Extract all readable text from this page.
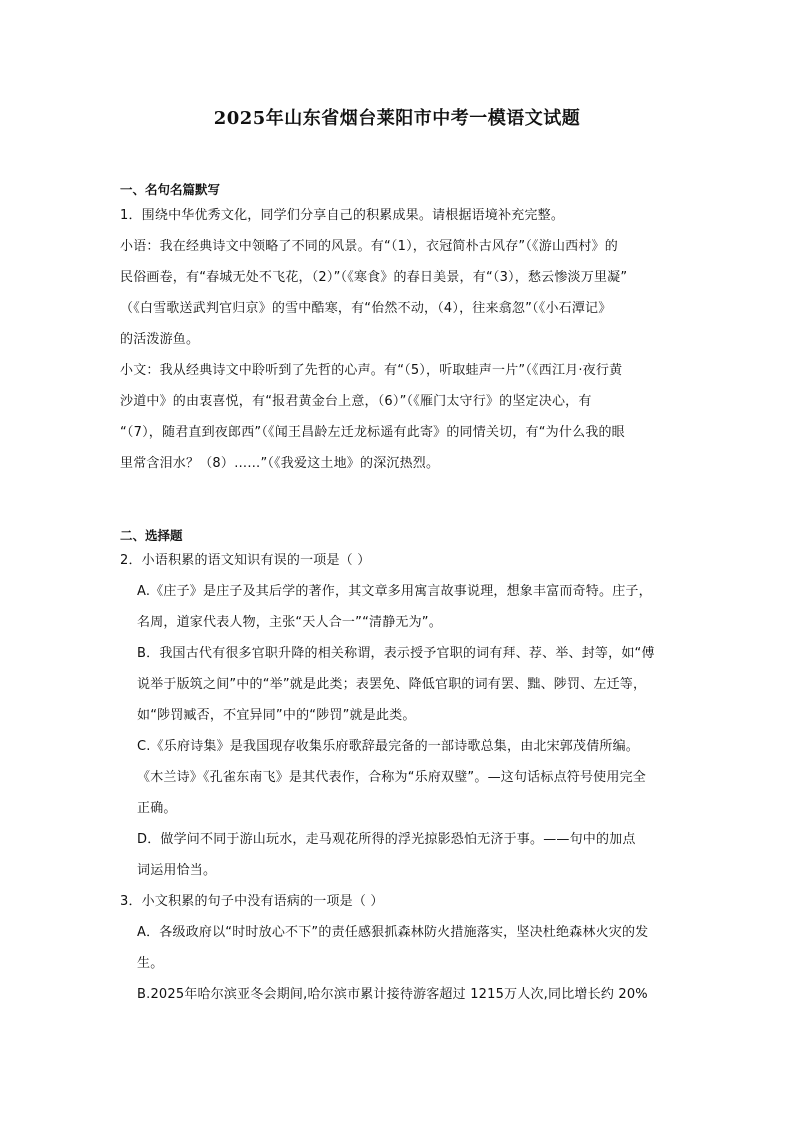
2025年山东省烟台莱阳市中考一模语文试题
一、名句名篇默写
1．围绕中华优秀文化，同学们分享自己的积累成果。请根据语境补充完整。
小语：我在经典诗文中领略了不同的风景。有“（1），衣冠简朴古风存”（《游山西村》的
民俗画卷，有“春城无处不飞花，（2）”（《寒食》的春日美景，有“（3），愁云惨淡万里凝”
（《白雪歌送武判官归京》的雪中酷寒，有“佁然不动，（4），往来翕忽”（《小石潭记》
的活泼游鱼。
小文：我从经典诗文中聆听到了先哲的心声。有“（5），听取蛙声一片”（《西江月·夜行黄
沙道中》的由衷喜悦，有“报君黄金台上意，（6）”（《雁门太守行》的坚定决心，有
“（7），随君直到夜郎西”（《闻王昌龄左迁龙标遥有此寄》的同情关切，有“为什么我的眼
里常含泪水？（8）……”（《我爱这土地》的深沉热烈。
二、选择题
2．小语积累的语文知识有误的一项是（ ）
A.《庄子》是庄子及其后学的著作，其文章多用寓言故事说理，想象丰富而奇特。庄子，
名周，道家代表人物，主张“天人合一”“清静无为”。
B．我国古代有很多官职升降的相关称谓，表示授予官职的词有拜、荐、举、封等，如“傅
说举于版筑之间”中的“举”就是此类；表罢免、降低官职的词有罢、黜、陟罚、左迁等，
如“陟罚臧否，不宜异同”中的“陟罚”就是此类。
C.《乐府诗集》是我国现存收集乐府歌辞最完备的一部诗歌总集，由北宋郭茂倩所编。
《木兰诗》《孔雀东南飞》是其代表作，合称为“乐府双璧”。—这句话标点符号使用完全
正确。
D．做学问不同于游山玩水，走马观花所得的浮光掠影恐怕无济于事。——句中的加点
词运用恰当。
3．小文积累的句子中没有语病的一项是（ ）
A．各级政府以“时时放心不下”的责任感狠抓森林防火措施落实，坚决杜绝森林火灾的发
生。
B.2025年哈尔滨亚冬会期间,哈尔滨市累计接待游客超过 1215万人次,同比增长约 20%
